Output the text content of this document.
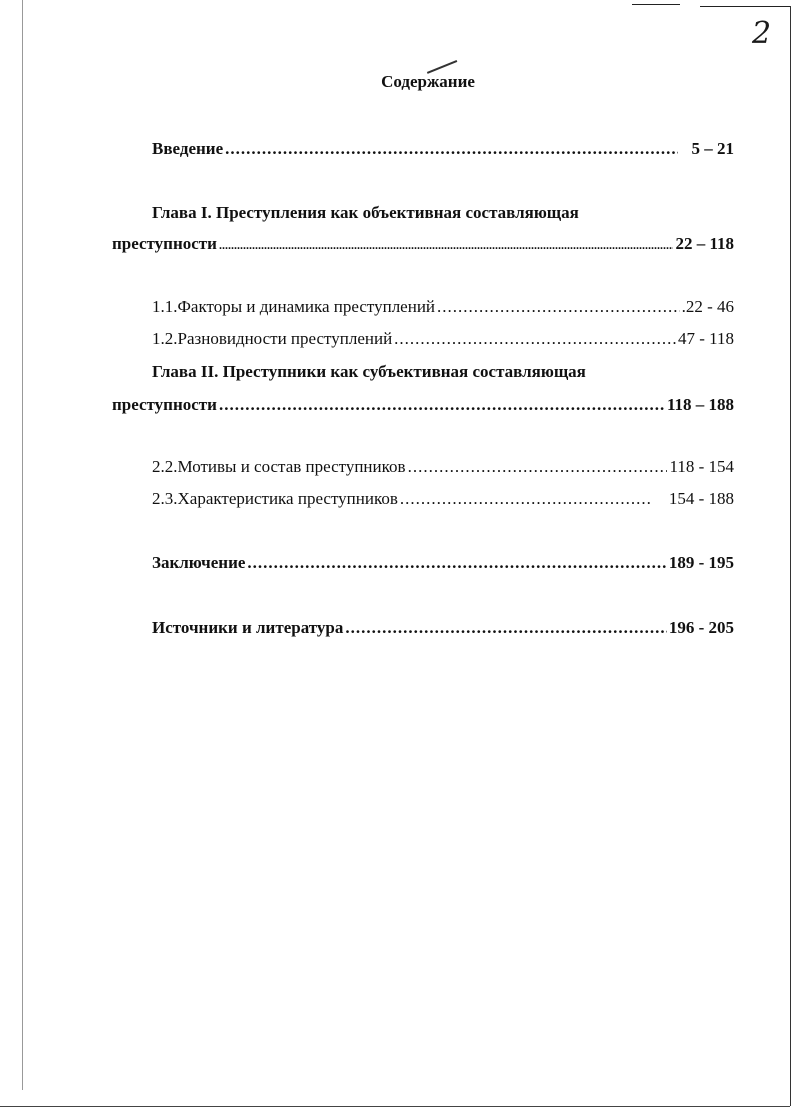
2
Содержание
Введение .....	5 – 21
Глава I. Преступления как объективная составляющая
преступности .....	22 – 118
1.1.Факторы и динамика преступлений .....	.22 - 46
1.2.Разновидности преступлений .....	47 - 118
Глава II. Преступники как субъективная составляющая
преступности .....	118 – 188
2.2.Мотивы и состав преступников .....	118 - 154
2.3.Характеристика преступников .....	154 - 188
Заключение .....	189 - 195
Источники и литература .....	196 - 205
